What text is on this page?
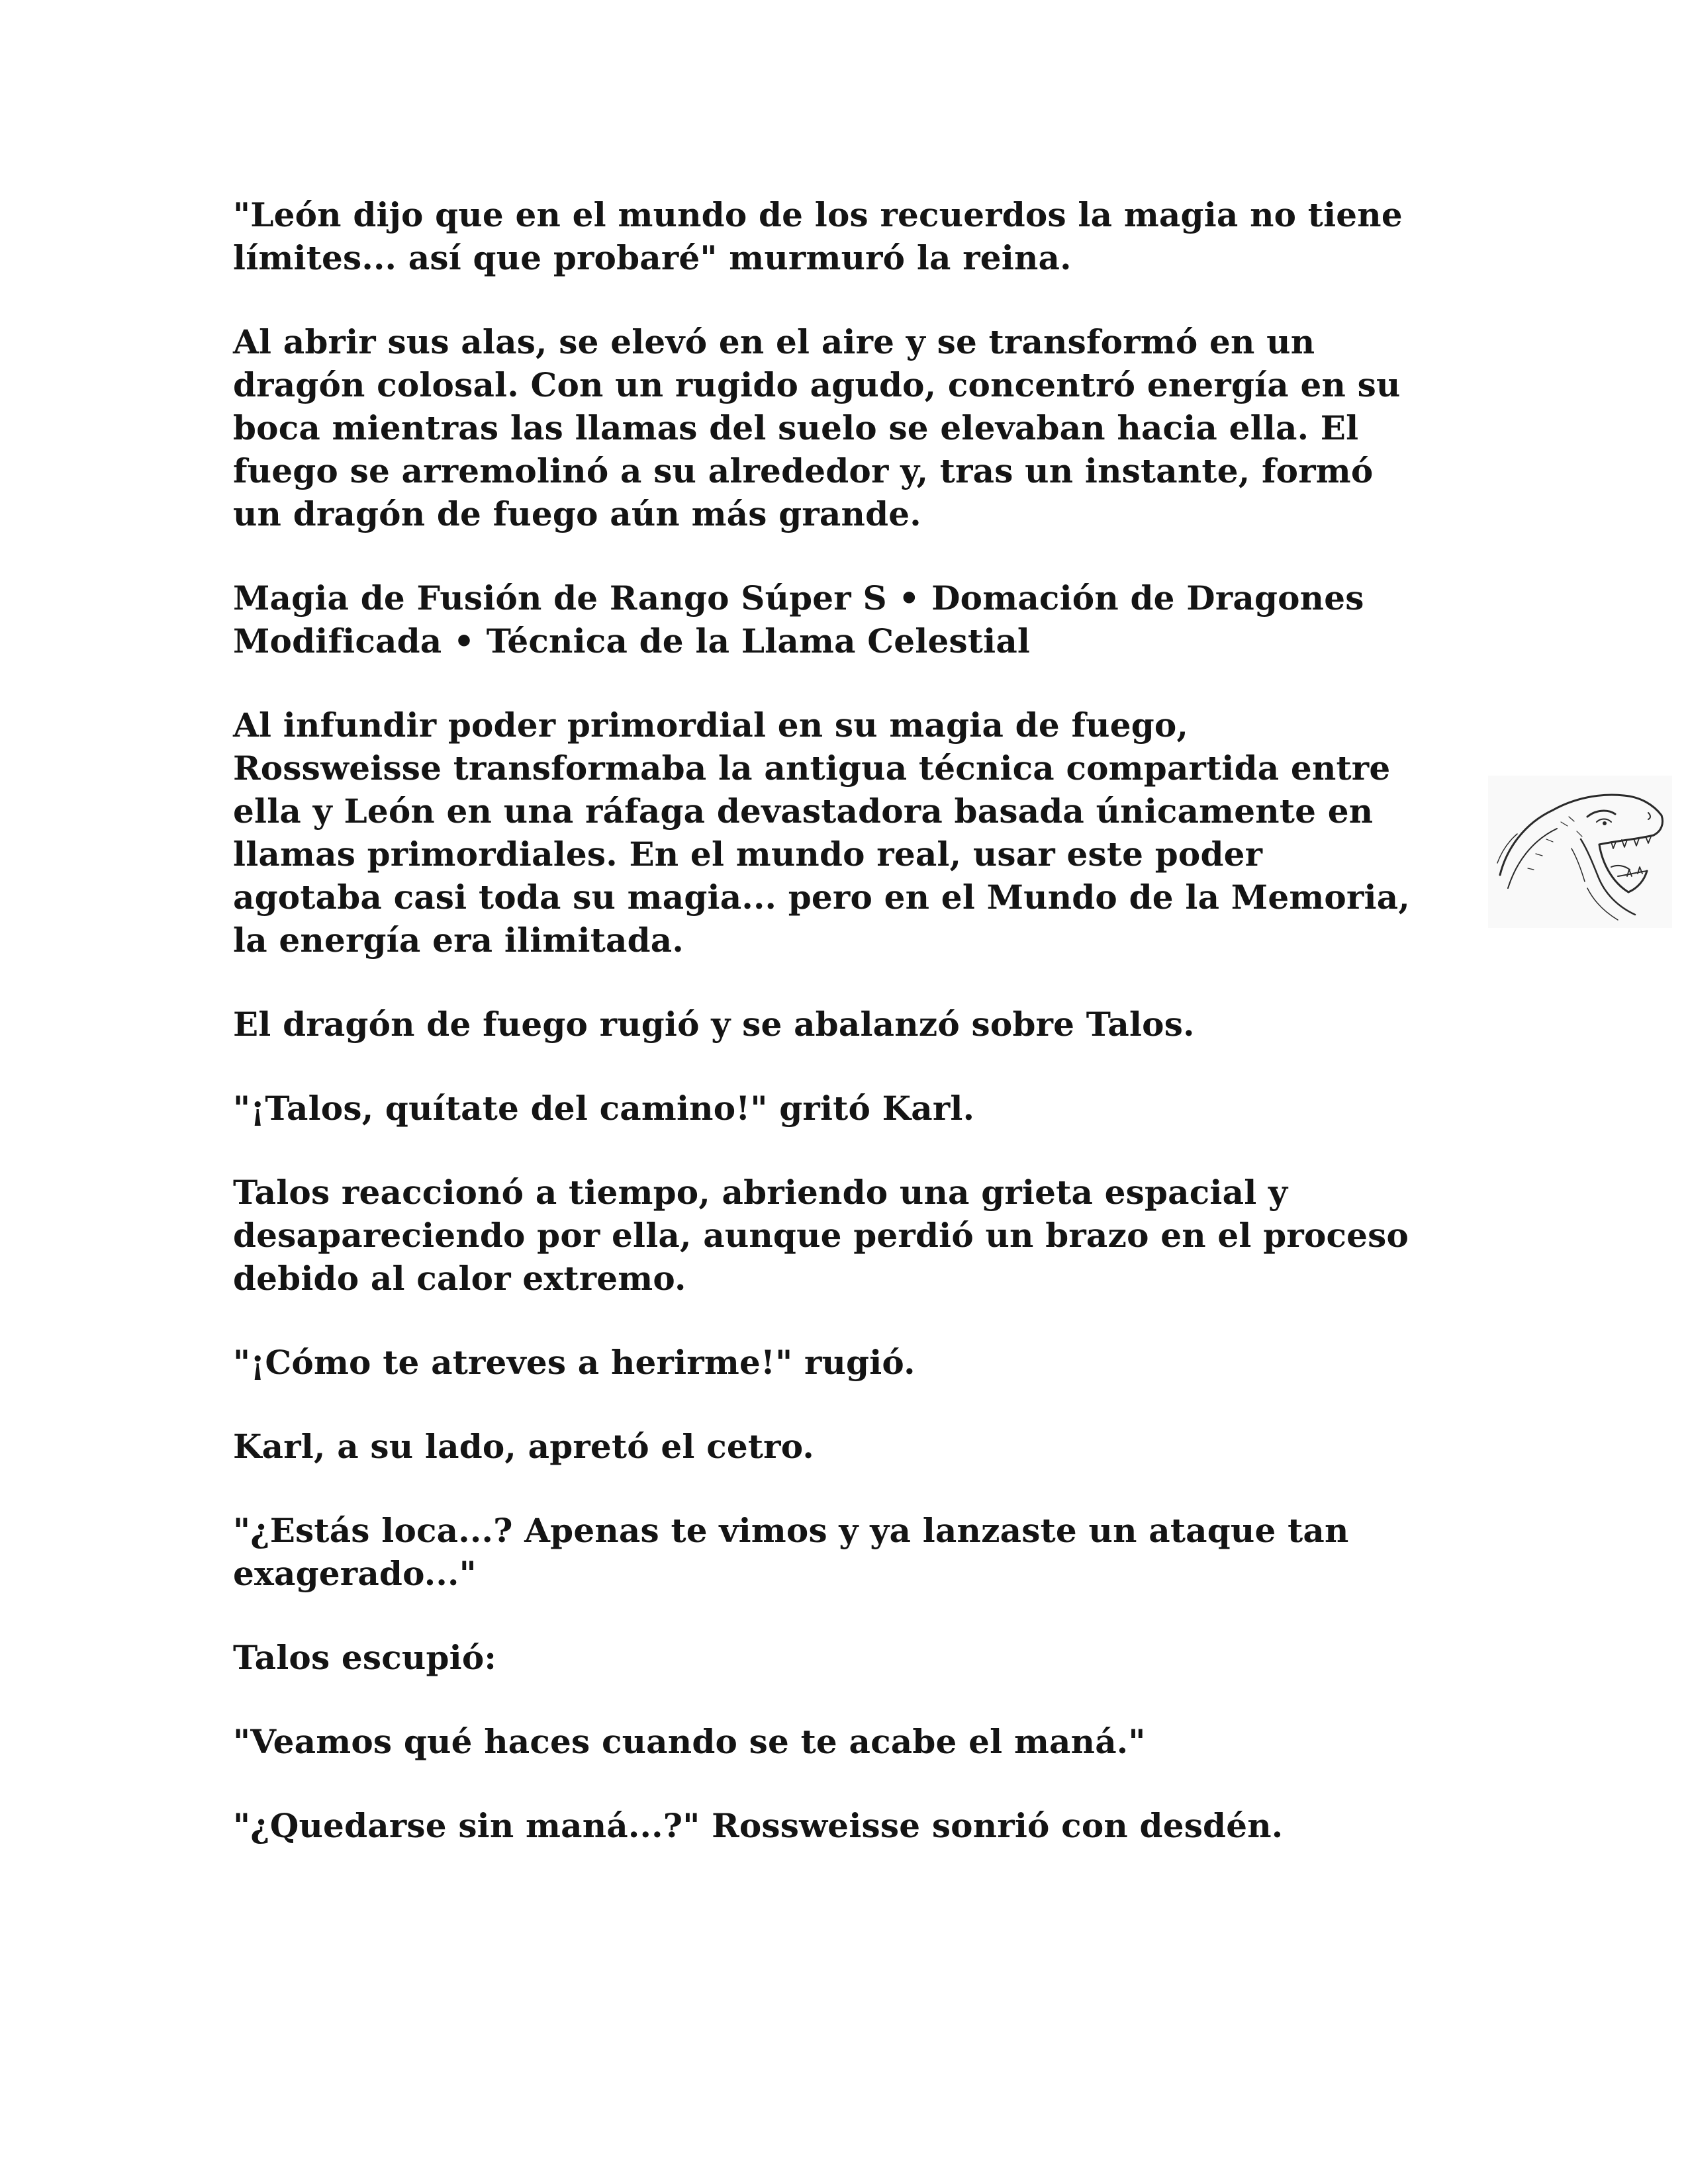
"León dijo que en el mundo de los recuerdos la magia no tiene
límites... así que probaré" murmuró la reina.

Al abrir sus alas, se elevó en el aire y se transformó en un
dragón colosal. Con un rugido agudo, concentró energía en su
boca mientras las llamas del suelo se elevaban hacia ella. El
fuego se arremolinó a su alrededor y, tras un instante, formó
un dragón de fuego aún más grande.

Magia de Fusión de Rango Súper S • Domación de Dragones
Modificada • Técnica de la Llama Celestial

Al infundir poder primordial en su magia de fuego,
Rossweisse transformaba la antigua técnica compartida entre
ella y León en una ráfaga devastadora basada únicamente en
llamas primordiales. En el mundo real, usar este poder
agotaba casi toda su magia... pero en el Mundo de la Memoria,
la energía era ilimitada.

El dragón de fuego rugió y se abalanzó sobre Talos.

"¡Talos, quítate del camino!" gritó Karl.

Talos reaccionó a tiempo, abriendo una grieta espacial y
desapareciendo por ella, aunque perdió un brazo en el proceso
debido al calor extremo.

"¡Cómo te atreves a herirme!" rugió.

Karl, a su lado, apretó el cetro.

"¿Estás loca...? Apenas te vimos y ya lanzaste un ataque tan
exagerado..."

Talos escupió:

"Veamos qué haces cuando se te acabe el maná."

"¿Quedarse sin maná...?" Rossweisse sonrió con desdén.
